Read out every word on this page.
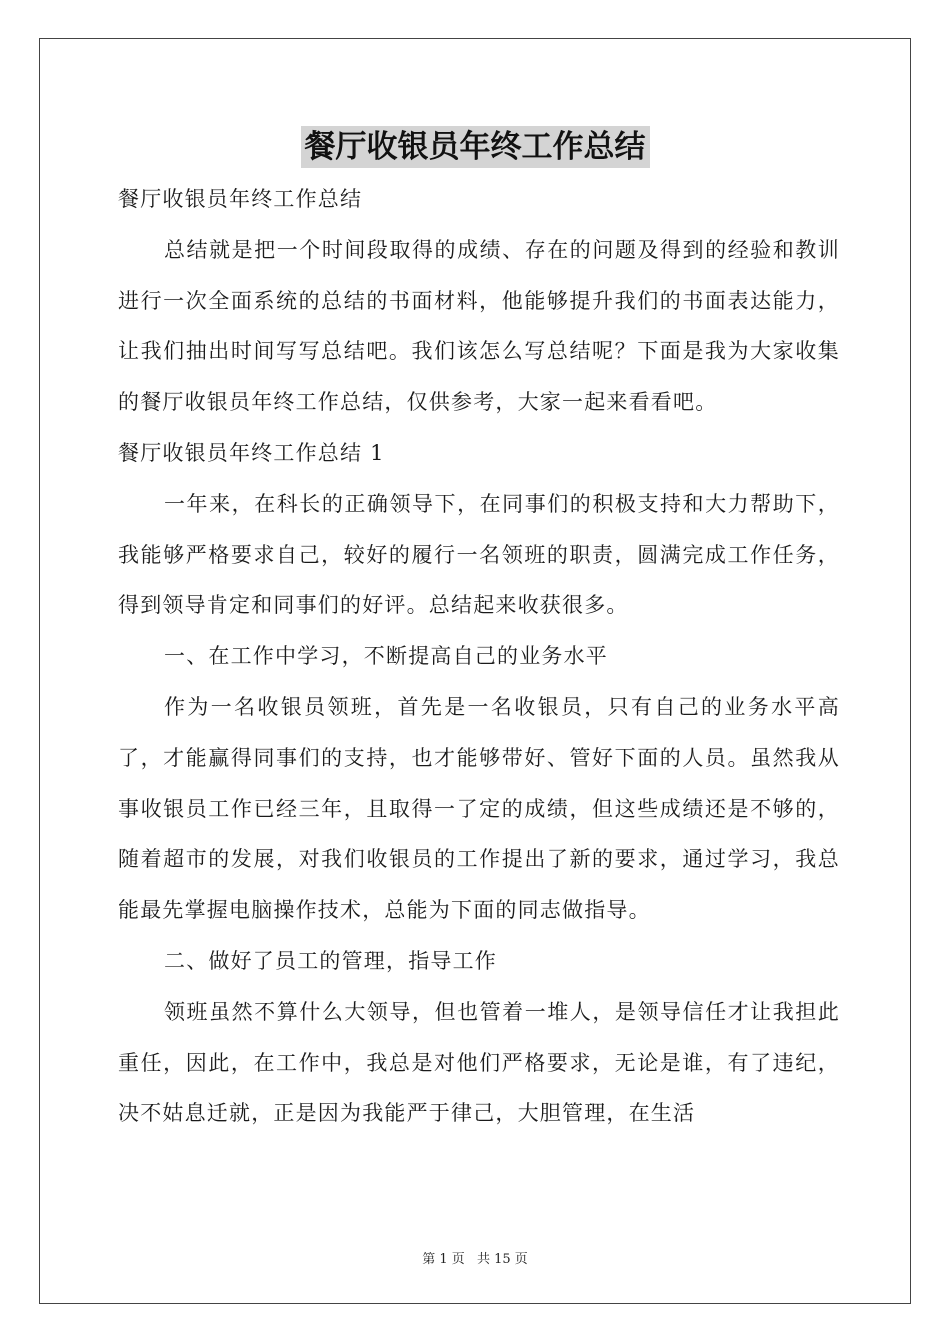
餐厅收银员年终工作总结

餐厅收银员年终工作总结

总结就是把一个时间段取得的成绩、存在的问题及得到的经验和教训进行一次全面系统的总结的书面材料，他能够提升我们的书面表达能力，让我们抽出时间写写总结吧。我们该怎么写总结呢？下面是我为大家收集的餐厅收银员年终工作总结，仅供参考，大家一起来看看吧。

餐厅收银员年终工作总结 1

一年来，在科长的正确领导下，在同事们的积极支持和大力帮助下，我能够严格要求自己，较好的履行一名领班的职责，圆满完成工作任务，得到领导肯定和同事们的好评。总结起来收获很多。

一、在工作中学习，不断提高自己的业务水平

作为一名收银员领班，首先是一名收银员，只有自己的业务水平高了，才能赢得同事们的支持，也才能够带好、管好下面的人员。虽然我从事收银员工作已经三年，且取得一了定的成绩，但这些成绩还是不够的，随着超市的发展，对我们收银员的工作提出了新的要求，通过学习，我总能最先掌握电脑操作技术，总能为下面的同志做指导。

二、做好了员工的管理，指导工作

领班虽然不算什么大领导，但也管着一堆人，是领导信任才让我担此重任，因此，在工作中，我总是对他们严格要求，无论是谁，有了违纪，决不姑息迁就，正是因为我能严于律己，大胆管理，在生活

第 1 页 共 15 页
